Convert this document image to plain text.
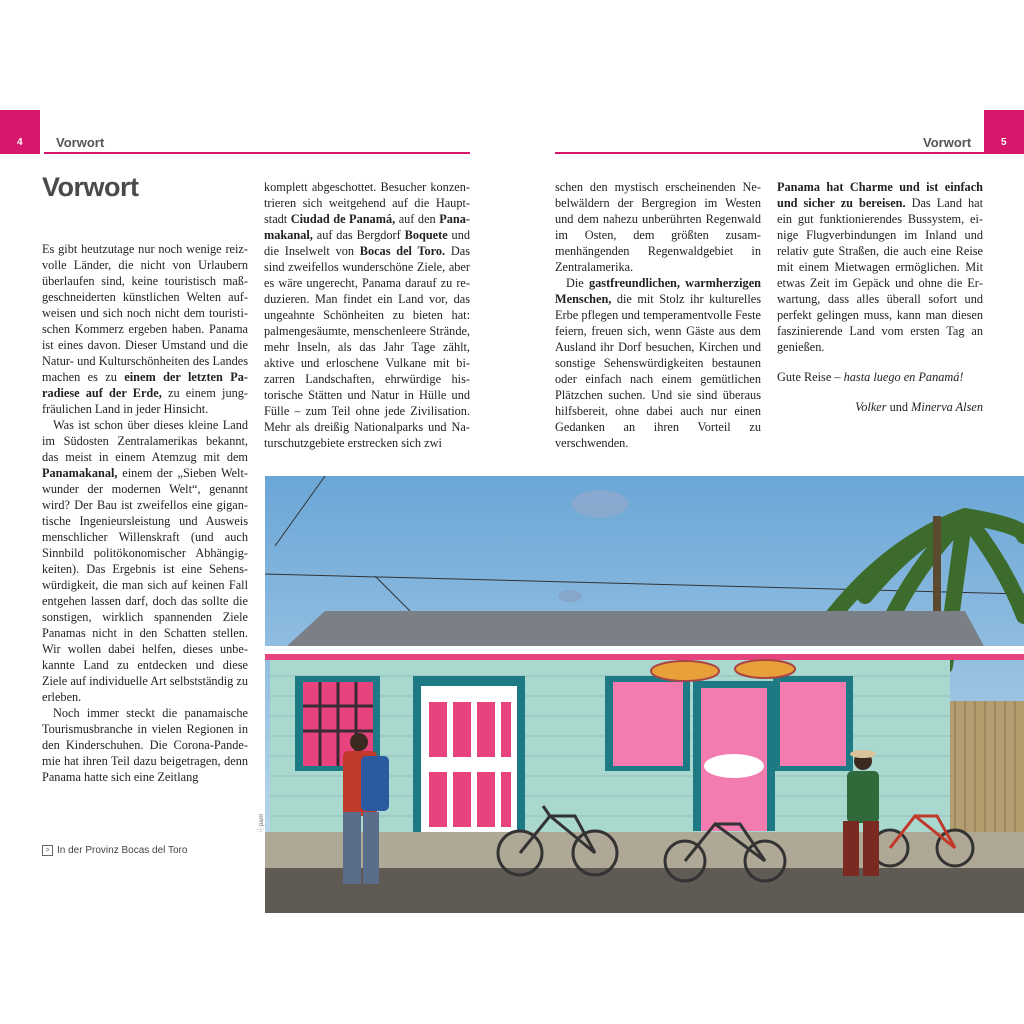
4	Vorwort	5
Vorwort
Vorwort

Es gibt heutzutage nur noch wenige reizvolle Länder, die nicht von Urlaubern überlaufen sind, keine touristisch maßgeschneiderten künstlichen Welten aufweisen und sich noch nicht dem touristischen Kommerz ergeben haben. Panama ist eines davon. Dieser Umstand und die Natur- und Kulturschönheiten des Landes machen es zu einem der letzten Paradiese auf der Erde, zu einem jungfräulichen Land in jeder Hinsicht.

Was ist schon über dieses kleine Land im Südosten Zentralamerikas bekannt, das meist in einem Atemzug mit dem Panamakanal, einem der „Sieben Weltwunder der modernen Welt“, genannt wird? Der Bau ist zweifellos eine gigantische Ingenieursleistung und Ausweis menschlicher Willenskraft (und auch Sinnbild politökonomischer Abhängigkeiten). Das Ergebnis ist eine Sehenswürdigkeit, die man sich auf keinen Fall entgehen lassen darf, doch das sollte die sonstigen, wirklich spannenden Ziele Panamas nicht in den Schatten stellen. Wir wollen dabei helfen, dieses unbekannte Land zu entdecken und diese Ziele auf individuelle Art selbstständig zu erleben.

Noch immer steckt die panamaische Tourismusbranche in vielen Regionen in den Kinderschuhen. Die Corona-Pandemie hat ihren Teil dazu beigetragen, denn Panama hatte sich eine Zeitlang

komplett abgeschottet. Besucher konzentrieren sich weitgehend auf die Hauptstadt Ciudad de Panamá, auf den Panamakanal, auf das Bergdorf Boquete und die Inselwelt von Bocas del Toro. Das sind zweifellos wunderschöne Ziele, aber es wäre ungerecht, Panama darauf zu reduzieren. Man findet ein Land vor, das ungeahnte Schönheiten zu bieten hat: palmengesäumte, menschenleere Strände, mehr Inseln, als das Jahr Tage zählt, aktive und erloschene Vulkane mit bizarren Landschaften, ehrwürdige historische Stätten und Natur in Hülle und Fülle – zum Teil ohne jede Zivilisation. Mehr als dreißig Nationalparks und Naturschutzgebiete erstrecken sich zwi

schen den mystisch erscheinenden Nebelwäldern der Bergregion im Westen und dem nahezu unberührten Regenwald im Osten, dem größten zusammenhängenden Regenwaldgebiet in Zentralamerika.

Die gastfreundlichen, warmherzigen Menschen, die mit Stolz ihr kulturelles Erbe pflegen und temperamentvolle Feste feiern, freuen sich, wenn Gäste aus dem Ausland ihr Dorf besuchen, Kirchen und sonstige Sehenswürdigkeiten bestaunen oder einfach nach einem gemütlichen Plätzchen suchen. Und sie sind überaus hilfsbereit, ohne dabei auch nur einen Gedanken an ihren Vorteil zu verschwenden.

Panama hat Charme und ist einfach und sicher zu bereisen. Das Land hat ein gut funktionierendes Bussystem, einige Flugverbindungen im Inland und relativ gute Straßen, die auch eine Reise mit einem Mietwagen ermöglichen. Mit etwas Zeit im Gepäck und ohne die Erwartung, dass alles überall sofort und perfekt gelingen muss, kann man diesen faszinierende Land vom ersten Tag an genießen.

Gute Reise – hasta luego en Panamá!

Volker und Minerva Alsen

> In der Provinz Bocas del Toro
ⓒpa/rr
